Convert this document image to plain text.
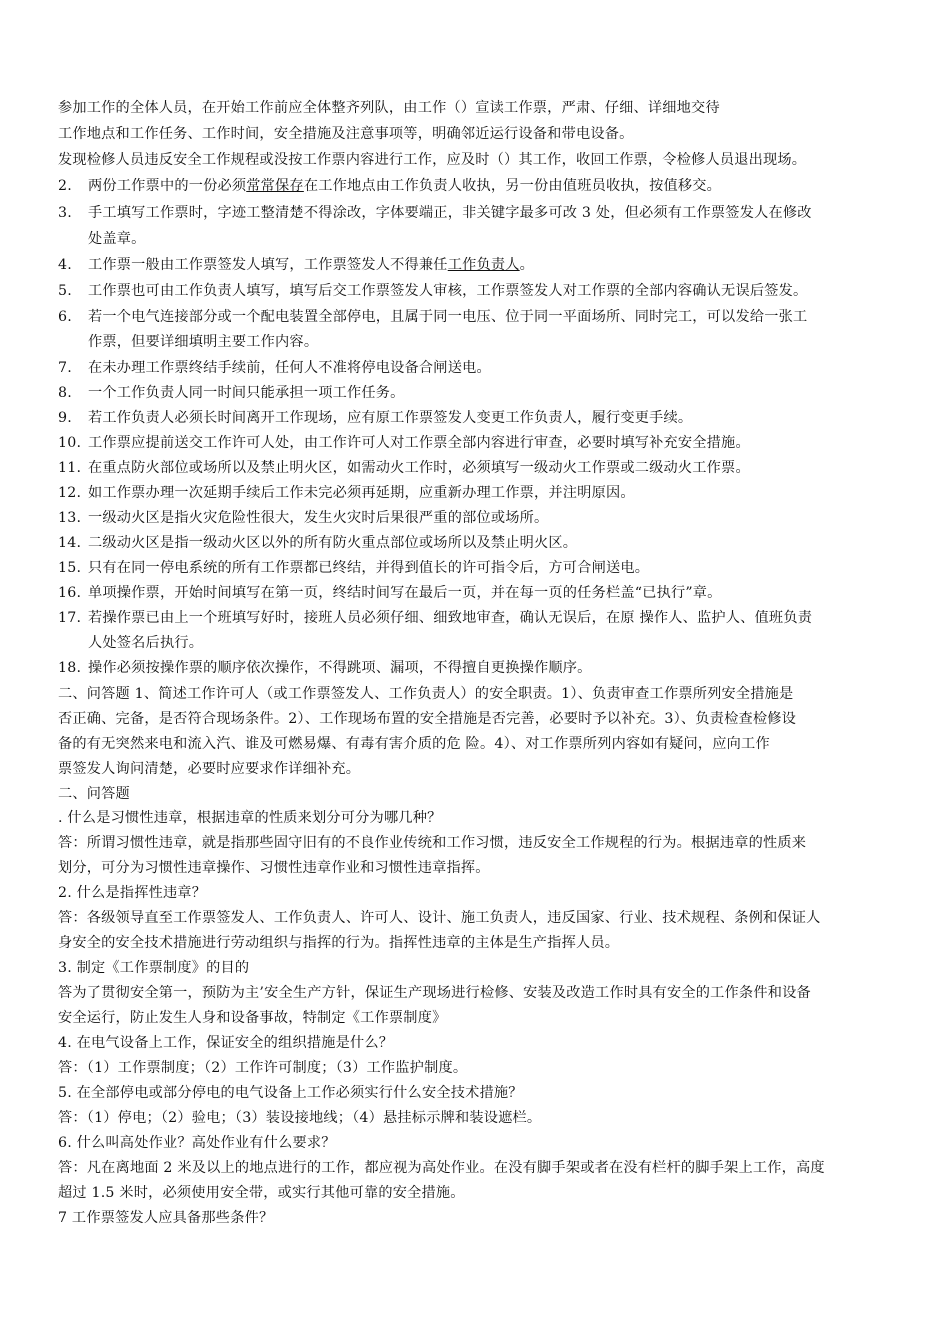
参加工作的全体人员，在开始工作前应全体整齐列队，由工作（）宣读工作票，严肃、仔细、详细地交待
工作地点和工作任务、工作时间，安全措施及注意事项等，明确邻近运行设备和带电设备。
发现检修人员违反安全工作规程或没按工作票内容进行工作，应及时（）其工作，收回工作票，令检修人员退出现场。
2. 两份工作票中的一份必须常常保存在工作地点由工作负责人收执，另一份由值班员收执，按值移交。
3. 手工填写工作票时，字迹工整清楚不得涂改，字体要端正，非关键字最多可改 3 处，但必须有工作票签发人在修改
处盖章。
4. 工作票一般由工作票签发人填写，工作票签发人不得兼任工作负责人。
5. 工作票也可由工作负责人填写，填写后交工作票签发人审核，工作票签发人对工作票的全部内容确认无误后签发。
6. 若一个电气连接部分或一个配电装置全部停电，且属于同一电压、位于同一平面场所、同时完工，可以发给一张工
作票，但要详细填明主要工作内容。
7. 在未办理工作票终结手续前，任何人不准将停电设备合闸送电。
8. 一个工作负责人同一时间只能承担一项工作任务。
9. 若工作负责人必须长时间离开工作现场，应有原工作票签发人变更工作负责人，履行变更手续。
10. 工作票应提前送交工作许可人处，由工作许可人对工作票全部内容进行审查，必要时填写补充安全措施。
11. 在重点防火部位或场所以及禁止明火区，如需动火工作时，必须填写一级动火工作票或二级动火工作票。
12. 如工作票办理一次延期手续后工作未完必须再延期，应重新办理工作票，并注明原因。
13. 一级动火区是指火灾危险性很大，发生火灾时后果很严重的部位或场所。
14. 二级动火区是指一级动火区以外的所有防火重点部位或场所以及禁止明火区。
15. 只有在同一停电系统的所有工作票都已终结，并得到值长的许可指令后，方可合闸送电。
16. 单项操作票，开始时间填写在第一页，终结时间写在最后一页，并在每一页的任务栏盖“已执行”章。
17. 若操作票已由上一个班填写好时，接班人员必须仔细、细致地审查，确认无误后，在原 操作人、监护人、值班负责
人处签名后执行。
18. 操作必须按操作票的顺序依次操作，不得跳项、漏项，不得擅自更换操作顺序。
二、问答题 1、简述工作许可人（或工作票签发人、工作负责人）的安全职责。1）、负责审查工作票所列安全措施是
否正确、完备，是否符合现场条件。2）、工作现场布置的安全措施是否完善，必要时予以补充。3）、负责检查检修设
备的有无突然来电和流入汽、谁及可燃易爆、有毒有害介质的危 险。4）、对工作票所列内容如有疑问，应向工作
票签发人询问清楚，必要时应要求作详细补充。
二、问答题
. 什么是习惯性违章，根据违章的性质来划分可分为哪几种？
答：所谓习惯性违章，就是指那些固守旧有的不良作业传统和工作习惯，违反安全工作规程的行为。根据违章的性质来
划分，可分为习惯性违章操作、习惯性违章作业和习惯性违章指挥。
2. 什么是指挥性违章？
答：各级领导直至工作票签发人、工作负责人、许可人、设计、施工负责人，违反国家、行业、技术规程、条例和保证人
身安全的安全技术措施进行劳动组织与指挥的行为。指挥性违章的主体是生产指挥人员。
3. 制定《工作票制度》的目的
答为了贯彻安全第一，预防为主’安全生产方针，保证生产现场进行检修、安装及改造工作时具有安全的工作条件和设备
安全运行，防止发生人身和设备事故，特制定《工作票制度》
4. 在电气设备上工作，保证安全的组织措施是什么？
答：（1）工作票制度；（2）工作许可制度；（3）工作监护制度。
5. 在全部停电或部分停电的电气设备上工作必须实行什么安全技术措施？
答：（1）停电；（2）验电；（3）装设接地线；（4）悬挂标示牌和装设遮栏。
6. 什么叫高处作业？高处作业有什么要求？
答：凡在离地面 2 米及以上的地点进行的工作，都应视为高处作业。在没有脚手架或者在没有栏杆的脚手架上工作，高度
超过 1.5 米时，必须使用安全带，或实行其他可靠的安全措施。
7 工作票签发人应具备那些条件？
